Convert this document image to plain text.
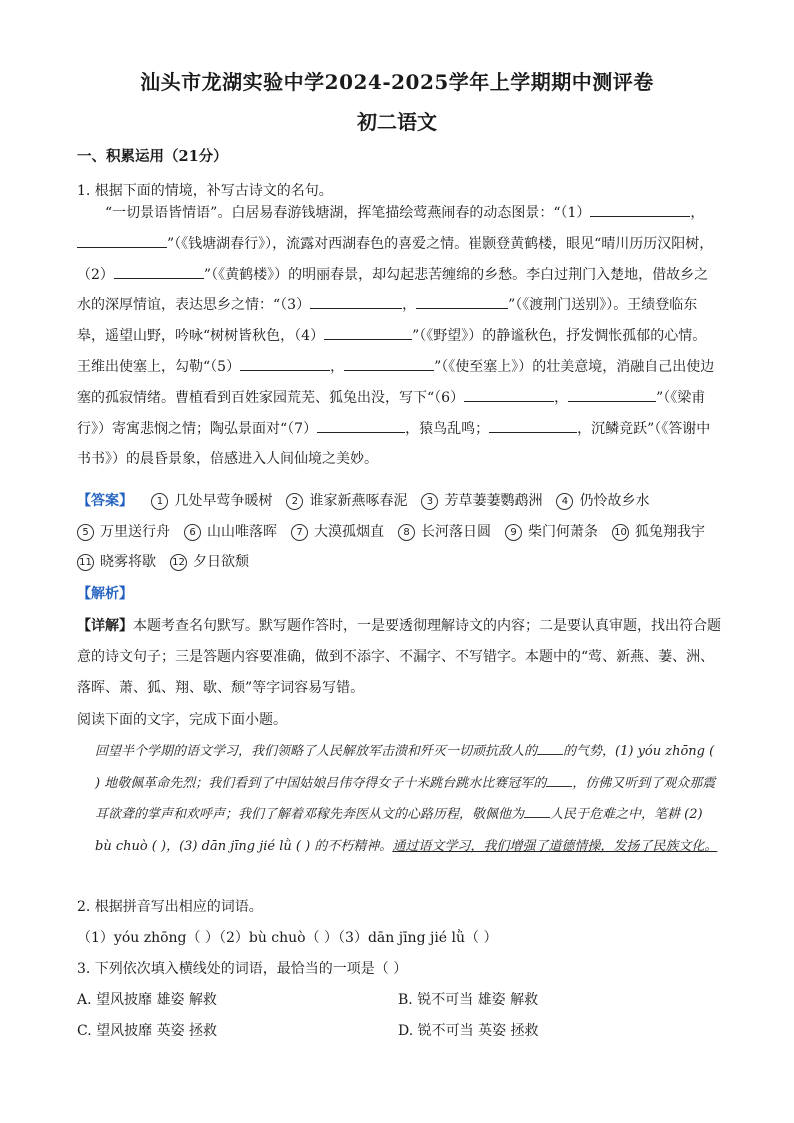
汕头市龙湖实验中学2024-2025学年上学期期中测评卷
初二语文
一、积累运用（21分）
1. 根据下面的情境，补写古诗文的名句。

“一切景语皆情语”。白居易春游钱塘湖，挥笔描绘莺燕闹春的动态图景：“（1）	，”（《钱塘湖春行》），流露对西湖春色的喜爱之情。崔颢登黄鹤楼，眼见“晴川历历汉阳树，（2）	”（《黄鹤楼》）的明丽春景，却勾起悲苦缠绵的乡愁。李白过荆门入楚地，借故乡之水的深厚情谊，表达思乡之情：“（3）	，	”（《渡荆门送别》）。王绩登临东皋，遥望山野，吟咏“树树皆秋色，（4）	”（《野望》）的静谧秋色，抒发惆怅孤郁的心情。王维出使塞上，勾勒“（5）	，	”（《使至塞上》）的壮美意境，消融自己出使边塞的孤寂情绪。曹植看到百姓家园荒芜、狐兔出没，写下“（6）	，	”（《梁甫行》）寄寓悲悯之情；陶弘景面对“（7）	，猿鸟乱鸣；	，沉鳞竞跃”（《答谢中书书》）的晨昏景象，倍感进入人间仙境之美妙。

【答案】 1 几处早莺争暖树 2 谁家新燕啄春泥 3 芳草萋萋鹦鹉洲 4 仍怜故乡水5 万里送行舟 6 山山唯落晖 7 大漠孤烟直 8 长河落日圆 9 柴门何萧条 10 狐兔翔我宇11 晓雾将歇 12 夕日欲颓
【解析】

【详解】本题考查名句默写。默写题作答时，一是要透彻理解诗文的内容；二是要认真审题，找出符合题意的诗文句子；三是答题内容要准确，做到不添字、不漏字、不写错字。本题中的“莺、新燕、萋、洲、落晖、萧、狐、翔、歇、颓”等字词容易写错。

阅读下面的文字，完成下面小题。

回望半个学期的语文学习，我们领略了人民解放军击溃和歼灭一切顽抗敌人的 的气势，(1) yóu zhōng ( ) 地敬佩革命先烈；我们看到了中国姑娘吕伟夺得女子十米跳台跳水比赛冠军的 ，仿佛又听到了观众那震耳欲聋的掌声和欢呼声；我们了解着邓稼先奔医从文的心路历程，敬佩他为 人民于危难之中，笔耕 (2) bù chuò ( )，(3) dān jīng jié lǜ ( ) 的不朽精神。通过语文学习，我们增强了道德情操，发扬了民族文化。

2. 根据拼音写出相应的词语。
（1）yóu zhōng（ ）（2）bù chuò（ ）（3）dān jīng jié lǜ（ ）
3. 下列依次填入横线处的词语，最恰当的一项是（ ）
A. 望风披靡 雄姿 解救	B. 锐不可当 雄姿 解救
C. 望风披靡 英姿 拯救	D. 锐不可当 英姿 拯救
